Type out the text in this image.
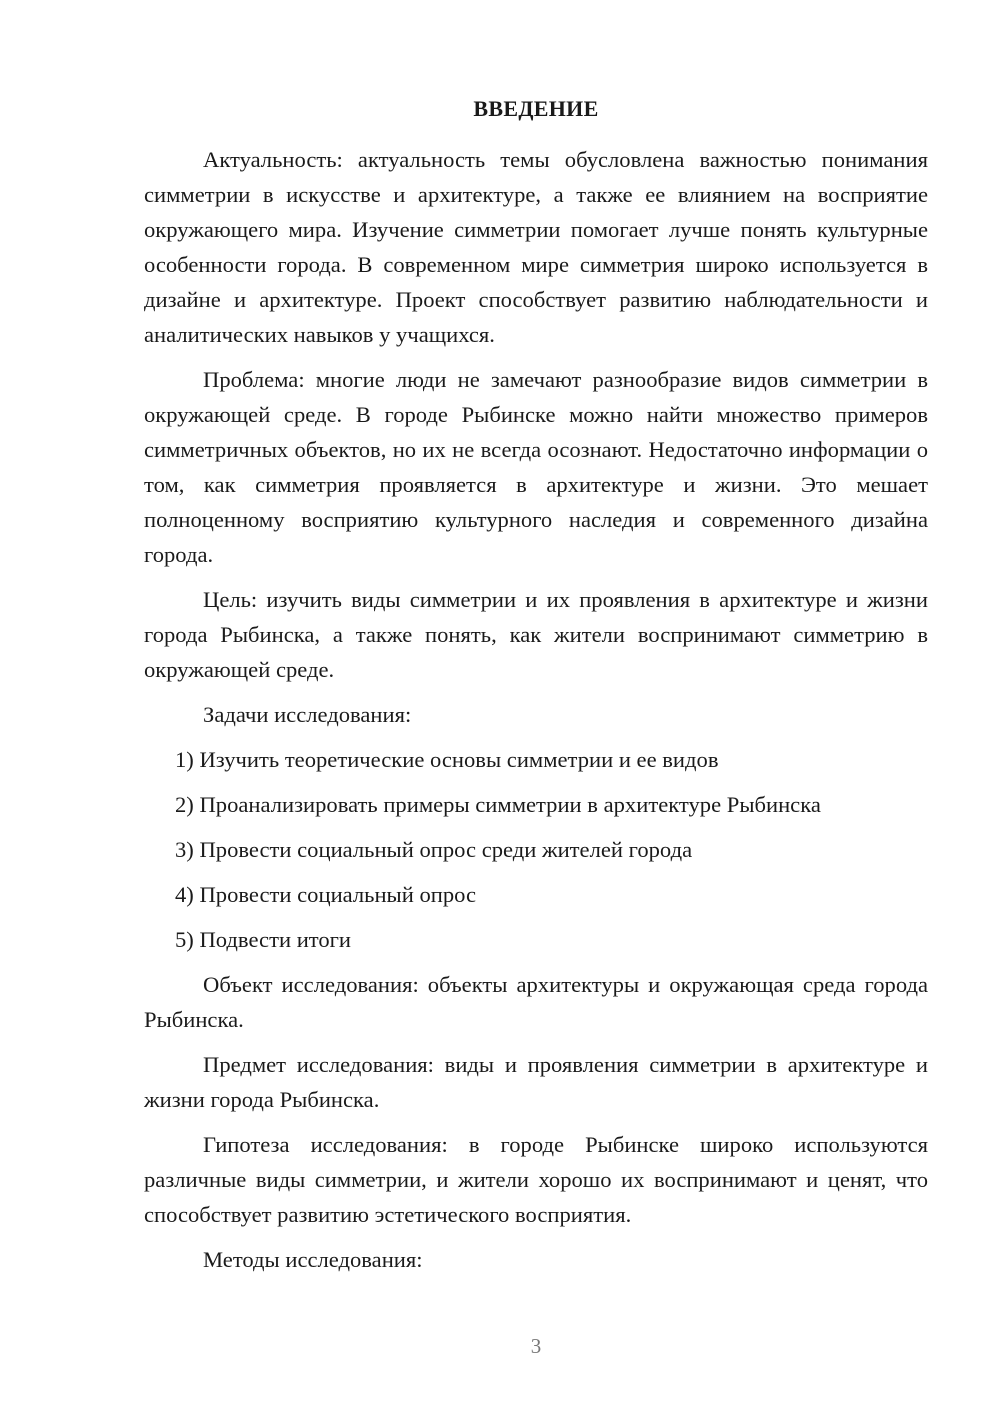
ВВЕДЕНИЕ

Актуальность: актуальность темы обусловлена важностью понимания симметрии в искусстве и архитектуре, а также ее влиянием на восприятие окружающего мира. Изучение симметрии помогает лучше понять культурные особенности города. В современном мире симметрия широко используется в дизайне и архитектуре. Проект способствует развитию наблюдательности и аналитических навыков у учащихся.

Проблема: многие люди не замечают разнообразие видов симметрии в окружающей среде. В городе Рыбинске можно найти множество примеров симметричных объектов, но их не всегда осознают. Недостаточно информации о том, как симметрия проявляется в архитектуре и жизни. Это мешает полноценному восприятию культурного наследия и современного дизайна города.

Цель: изучить виды симметрии и их проявления в архитектуре и жизни города Рыбинска, а также понять, как жители воспринимают симметрию в окружающей среде.

Задачи исследования:

1) Изучить теоретические основы симметрии и ее видов

2) Проанализировать примеры симметрии в архитектуре Рыбинска

3) Провести социальный опрос среди жителей города

4) Провести социальный опрос

5) Подвести итоги

Объект исследования: объекты архитектуры и окружающая среда города Рыбинска.

Предмет исследования: виды и проявления симметрии в архитектуре и жизни города Рыбинска.

Гипотеза исследования: в городе Рыбинске широко используются различные виды симметрии, и жители хорошо их воспринимают и ценят, что способствует развитию эстетического восприятия.

Методы исследования:

3
